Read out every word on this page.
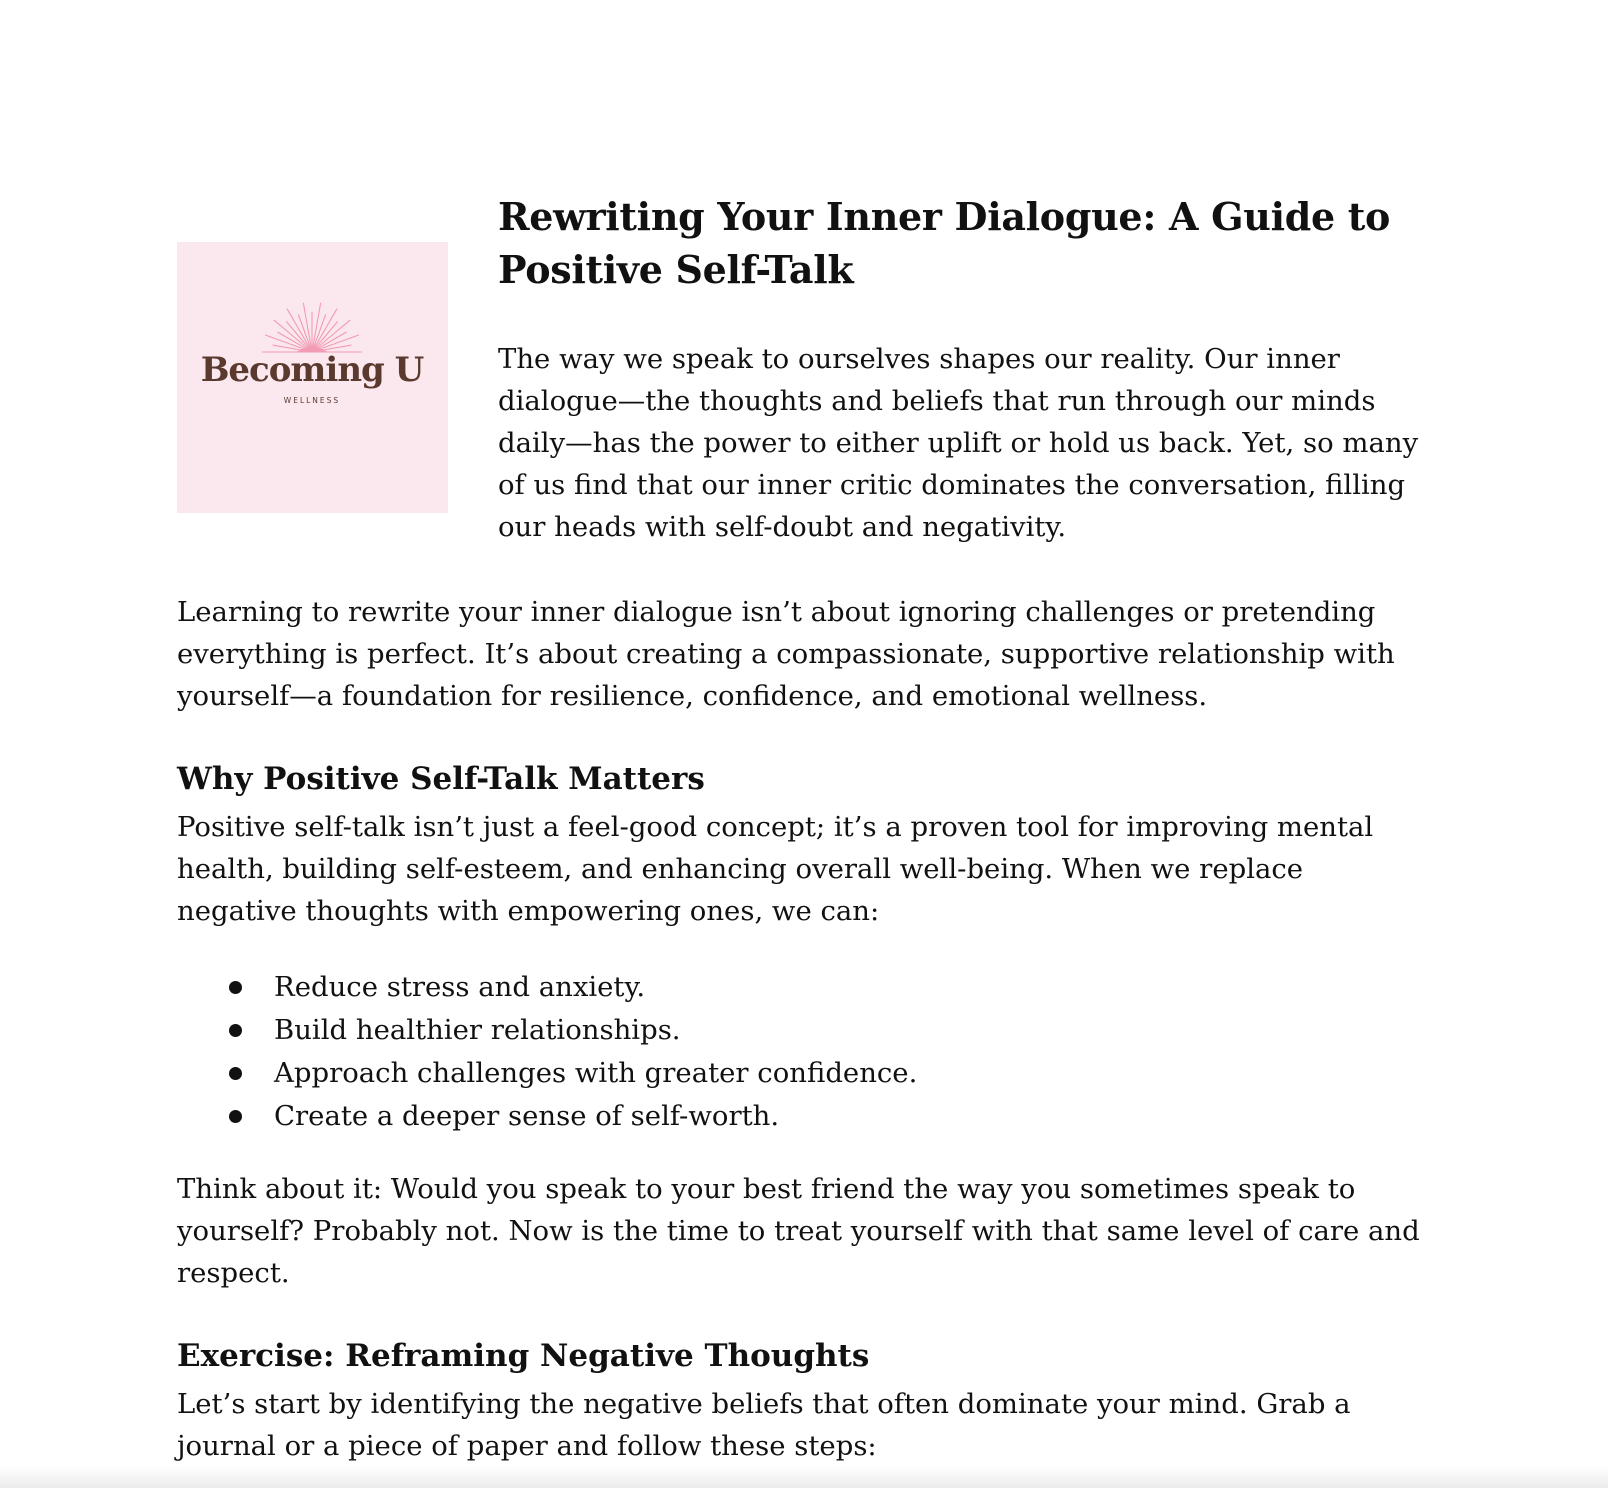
Becoming U
WELLNESS
Rewriting Your Inner Dialogue: A Guide to
Positive Self-Talk

The way we speak to ourselves shapes our reality. Our inner dialogue—the thoughts and beliefs that run through our minds daily—has the power to either uplift or hold us back. Yet, so many of us find that our inner critic dominates the conversation, filling our heads with self-doubt and negativity.

Learning to rewrite your inner dialogue isn’t about ignoring challenges or pretending everything is perfect. It’s about creating a compassionate, supportive relationship with yourself—a foundation for resilience, confidence, and emotional wellness.

Why Positive Self-Talk Matters

Positive self-talk isn’t just a feel-good concept; it’s a proven tool for improving mental health, building self-esteem, and enhancing overall well-being. When we replace negative thoughts with empowering ones, we can:

Reduce stress and anxiety.
Build healthier relationships.
Approach challenges with greater confidence.
Create a deeper sense of self-worth.

Think about it: Would you speak to your best friend the way you sometimes speak to yourself? Probably not. Now is the time to treat yourself with that same level of care and respect.

Exercise: Reframing Negative Thoughts

Let’s start by identifying the negative beliefs that often dominate your mind. Grab a journal or a piece of paper and follow these steps:
